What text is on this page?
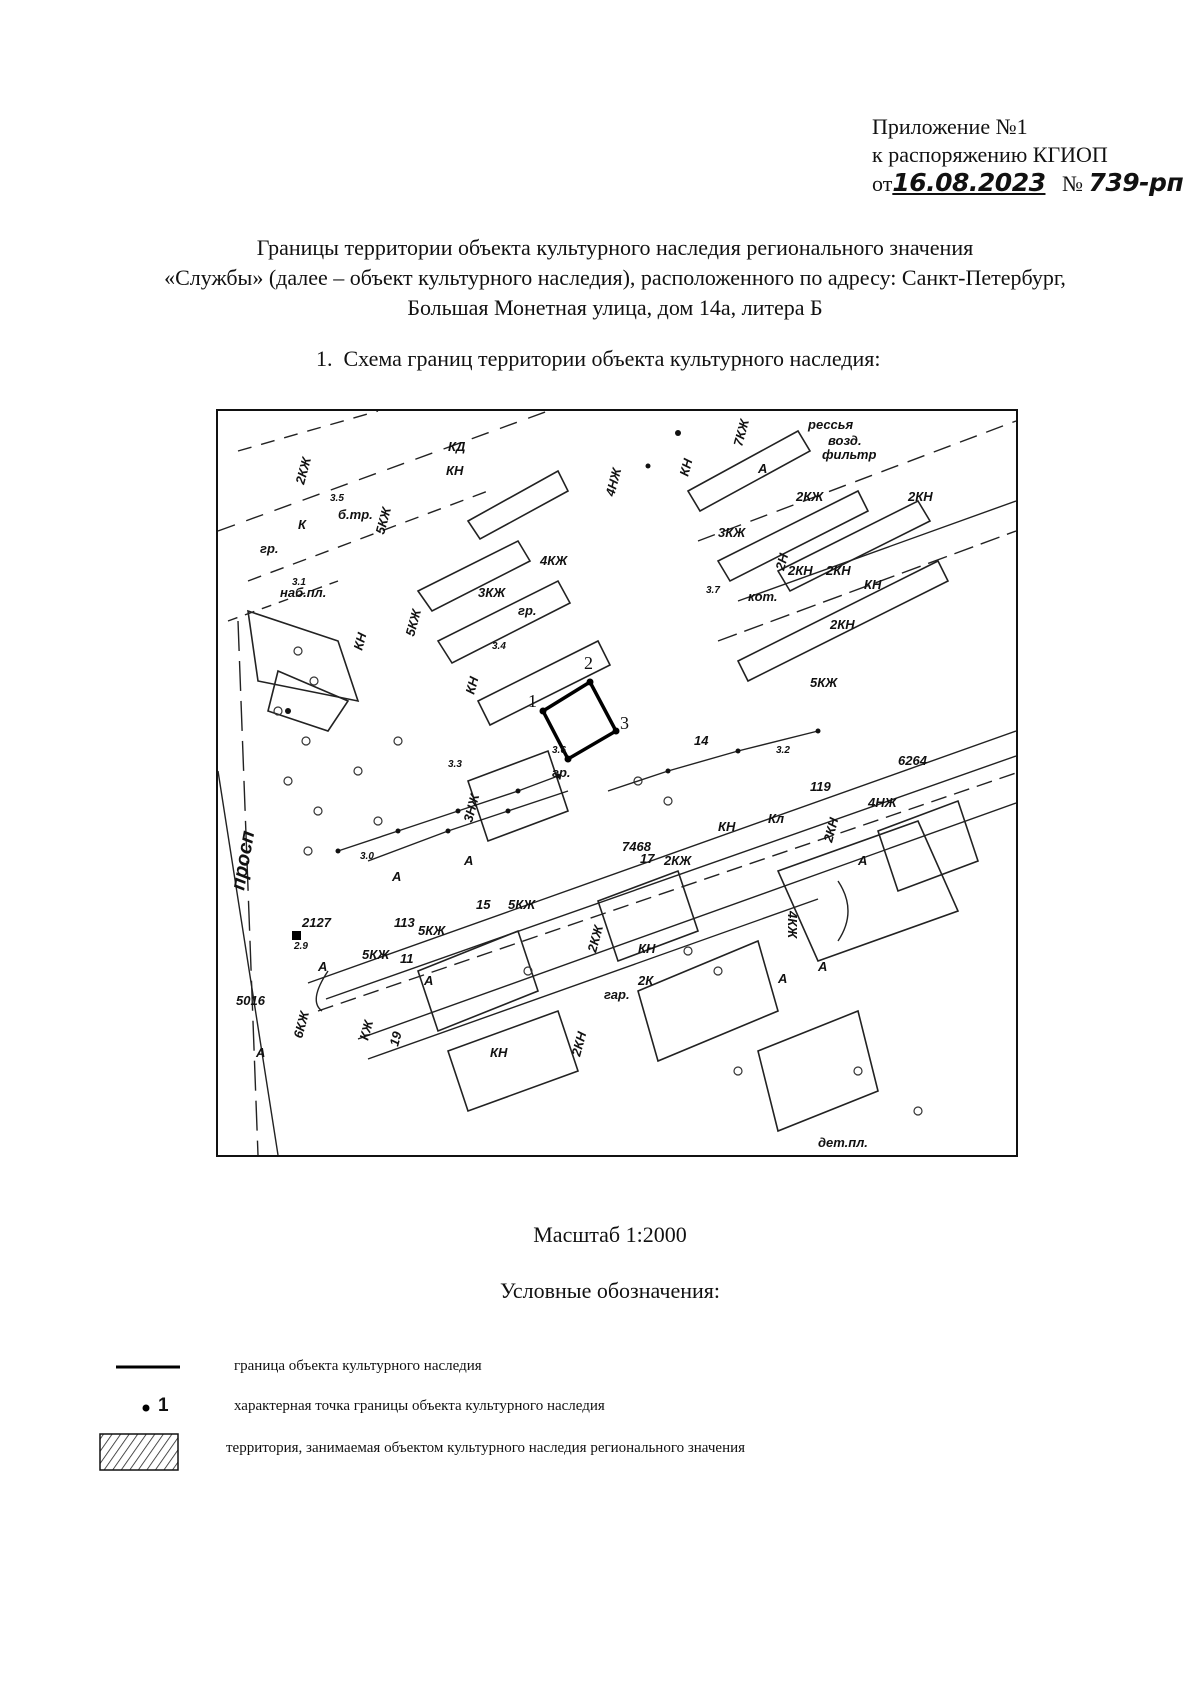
Приложение №1
к распоряжению КГИОП
от16.08.2023 № 739-рп
Границы территории объекта культурного наследия регионального значения
«Службы» (далее – объект культурного наследия), расположенного по адресу: Санкт-Петербург,
Большая Монетная улица, дом 14а, литера Б
1. Схема границ территории объекта культурного наследия:
1
2
3
2КЖ
5КЖ
КН
КД
4НЖ
7КЖ	рессья
возд.
фильтр
2КН
2КЖ
3КЖ
КН
2Н
2КН 2КН
кот.
2КН
КН
5КЖ
б.тр.
К
гр.
наб.пл.
4КЖ
3КЖ
гр.
5КЖ
КН
КН
3НЖ
гр.
А
А
14
6264
119
4НЖ
Кл	2КН
КН
7468
17 2КЖ	А
4КЖ
2127
просп
5КЖ
5КЖ
113
15 5КЖ
6КЖ
11
А
2КЖ КН
гар.
2К
5016
КЖ 19	2КН
КН
дет.пл.
А
А
А
А
А
3.5
3.1
3.4
3.7
3.3
3.0
2.9
3.2
3.6
Масштаб 1:2000
Условные обозначения:
граница объекта культурного наследия
1	характерная точка границы объекта культурного наследия
территория, занимаемая объектом культурного наследия регионального значения
